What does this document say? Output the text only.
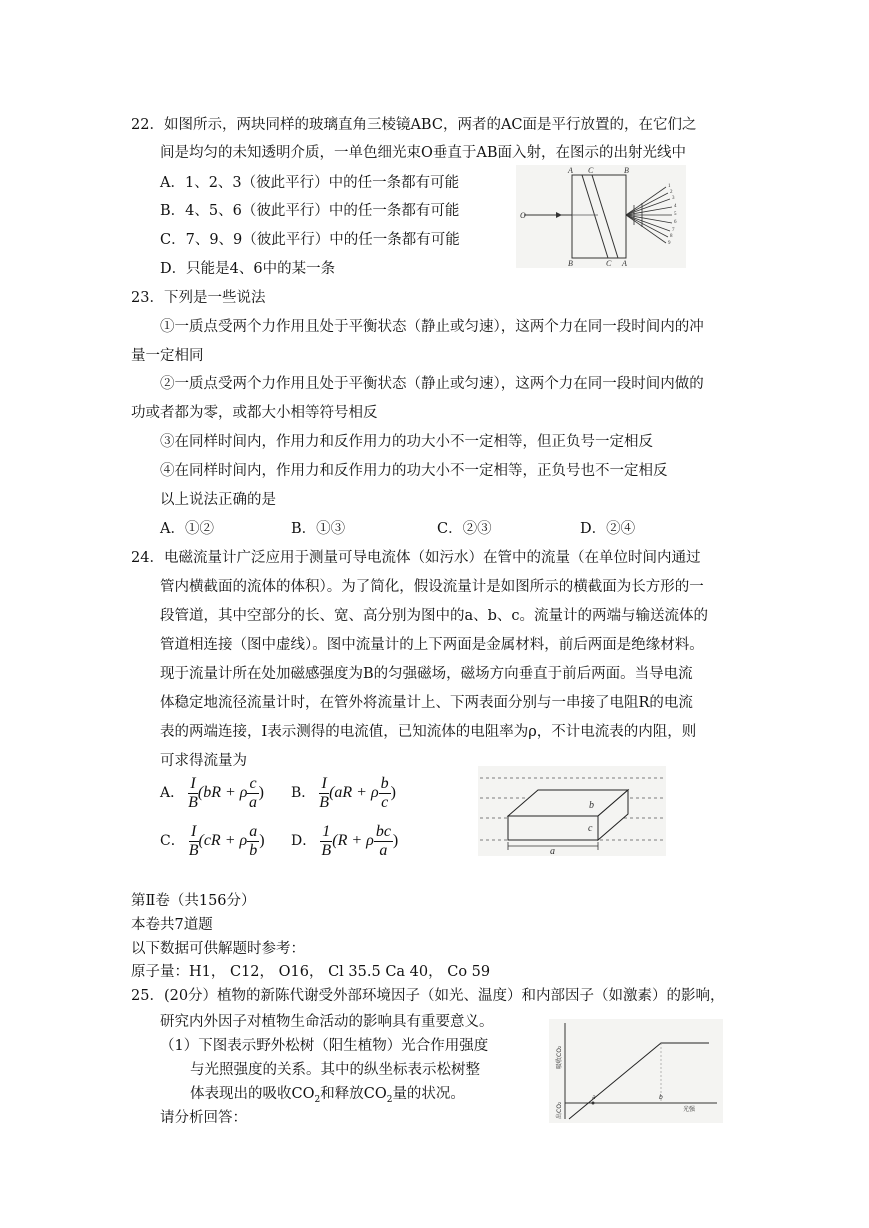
22．如图所示，两块同样的玻璃直角三棱镜ABC，两者的AC面是平行放置的，在它们之
间是均匀的未知透明介质，一单色细光束O垂直于AB面入射，在图示的出射光线中
A．1、2、3（彼此平行）中的任一条都有可能
B．4、5、6（彼此平行）中的任一条都有可能
C．7、9、9（彼此平行）中的任一条都有可能
D．只能是4、6中的某一条
A C	B
O
B	C A
1
2
3
4
5
6
7
8
9
23．下列是一些说法
①一质点受两个力作用且处于平衡状态（静止或匀速），这两个力在同一段时间内的冲
量一定相同
②一质点受两个力作用且处于平衡状态（静止或匀速），这两个力在同一段时间内做的
功或者都为零，或都大小相等符号相反
③在同样时间内，作用力和反作用力的功大小不一定相等，但正负号一定相反
④在同样时间内，作用力和反作用力的功大小不一定相等，正负号也不一定相反
以上说法正确的是
A．①②	B．①③	C．②③	D．②④
24．电磁流量计广泛应用于测量可导电流体（如污水）在管中的流量（在单位时间内通过
管内横截面的流体的体积）。为了简化，假设流量计是如图所示的横截面为长方形的一
段管道，其中空部分的长、宽、高分别为图中的a、b、c。流量计的两端与输送流体的
管道相连接（图中虚线）。图中流量计的上下两面是金属材料，前后两面是绝缘材料。
现于流量计所在处加磁感强度为B的匀强磁场，磁场方向垂直于前后两面。当导电流
体稳定地流径流量计时，在管外将流量计上、下两表面分别与一串接了电阻R的电流
表的两端连接，I表示测得的电流值，已知流体的电阻率为ρ，不计电流表的内阻，则
可求得流量为
A． $\frac{I}{B} (bR + \rho \frac{c}{a}$ ) B． $\frac{I}{B} (aR + \rho \frac{b}{c}$ )
C． $\frac{I}{B} (cR + \rho \frac{a}{b}$ ) D． $\frac{1}{B} (R + \rho \frac{bc}{a}$ )
a
b
c
第Ⅱ卷（共156分）
本卷共7道题
以下数据可供解题时参考：
原子量：H1， C12， O16， Cl 35.5 Ca 40， Co 59
25．(20分）植物的新陈代谢受外部环境因子（如光、温度）和内部因子（如激素）的影响，
研究内外因子对植物生命活动的影响具有重要意义。
（1）下图表示野外松树（阳生植物）光合作用强度
与光照强度的关系。其中的纵坐标表示松树整
体表现出的吸收$CO_2$和释放$CO_2$量的状况。
请分析回答：
吸收CO₂
出CO₂
a	b
光强
